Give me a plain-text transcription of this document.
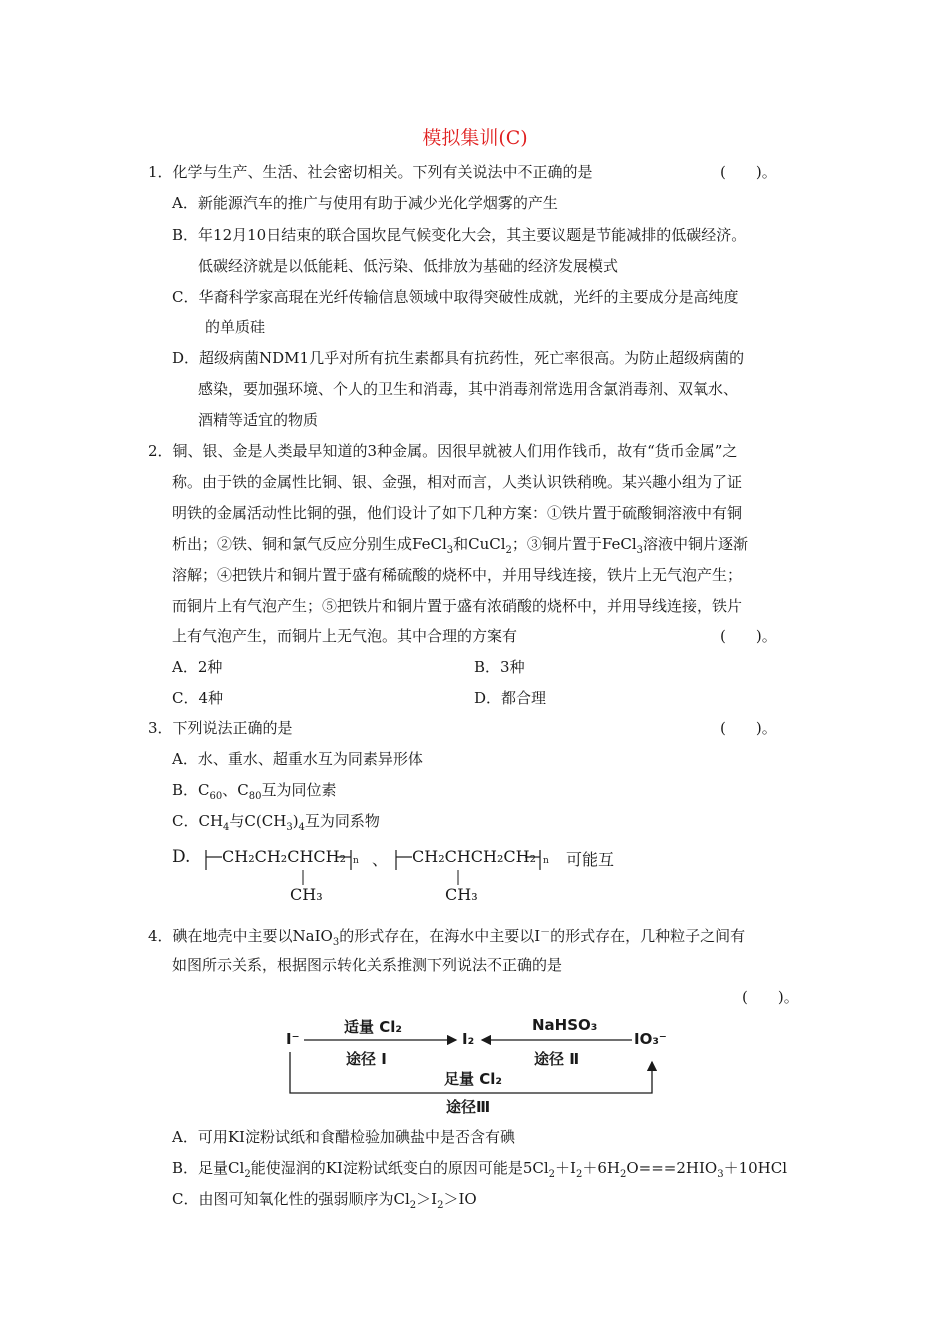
模拟集训(C)
1．化学与生产、生活、社会密切相关。下列有关说法中不正确的是	(　　)。
A．新能源汽车的推广与使用有助于减少光化学烟雾的产生
B．年12月10日结束的联合国坎昆气候变化大会，其主要议题是节能减排的低碳经济。
低碳经济就是以低能耗、低污染、低排放为基础的经济发展模式
C．华裔科学家高琨在光纤传输信息领域中取得突破性成就，光纤的主要成分是高纯度
的单质硅
D．超级病菌NDM1几乎对所有抗生素都具有抗药性，死亡率很高。为防止超级病菌的
感染，要加强环境、个人的卫生和消毒，其中消毒剂常选用含氯消毒剂、双氧水、
酒精等适宜的物质
2．铜、银、金是人类最早知道的3种金属。因很早就被人们用作钱币，故有“货币金属”之
称。由于铁的金属性比铜、银、金强，相对而言，人类认识铁稍晚。某兴趣小组为了证
明铁的金属活动性比铜的强，他们设计了如下几种方案：①铁片置于硫酸铜溶液中有铜
析出；②铁、铜和氯气反应分别生成FeCl$_3$和CuCl$_2$；③铜片置于FeCl$_3$溶液中铜片逐渐
溶解；④把铁片和铜片置于盛有稀硫酸的烧杯中，并用导线连接，铁片上无气泡产生；
而铜片上有气泡产生；⑤把铁片和铜片置于盛有浓硝酸的烧杯中，并用导线连接，铁片
上有气泡产生，而铜片上无气泡。其中合理的方案有	(　　)。
A．2种	B．3种
C．4种	D．都合理
3．下列说法正确的是	(　　)。
A．水、重水、超重水互为同素异形体
B．$C_{60}$、$C_{80}$互为同位素
C．$CH_4$与$C(CH_3)_4$互为同系物
D. CH₂CH₂CHCH₂ n 、 CH₂CHCH₂CH₂ n 可能互
CH₃	CH₃
4．碘在地壳中主要以NaIO$_3$的形式存在，在海水中主要以I－的形式存在，几种粒子之间有
如图所示关系，根据图示转化关系推测下列说法不正确的是
(　　)。
I⁻	I₂	IO₃⁻
适量 Cl₂
途径 Ⅰ
NaHSO₃
途径 Ⅱ
足量 Cl₂
途径Ⅲ
A．可用KI淀粉试纸和食醋检验加碘盐中是否含有碘
B．足量$Cl_2$能使湿润的KI淀粉试纸变白的原因可能是$5Cl_2+I_2+6H_2O===2HIO_3+10HCl$
C．由图可知氧化性的强弱顺序为$Cl_2>I_2>IO$
